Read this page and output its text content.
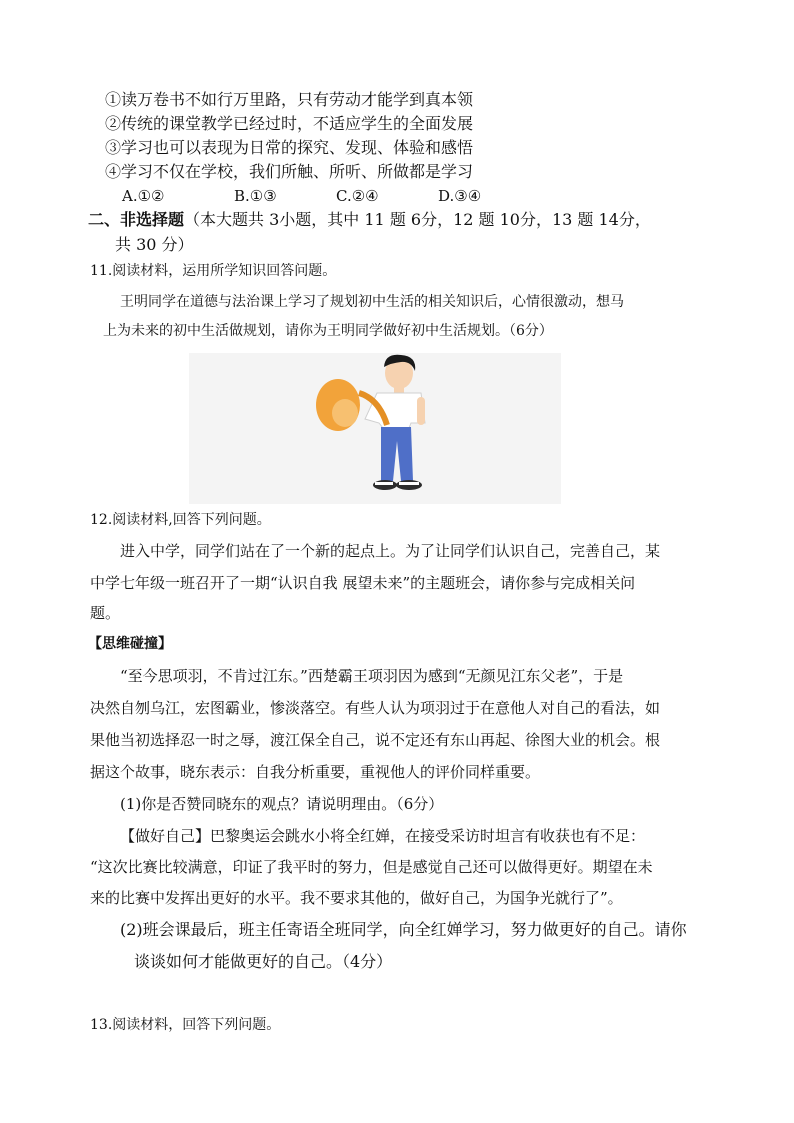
①读万卷书不如行万里路，只有劳动才能学到真本领
②传统的课堂教学已经过时，不适应学生的全面发展
③学习也可以表现为日常的探究、发现、体验和感悟
④学习不仅在学校，我们所触、所听、所做都是学习
A.①②	B.①③	C.②④	D.③④
二、非选择题（本大题共 3小题，其中 11 题 6分，12 题 10分，13 题 14分，
共 30 分）
11.阅读材料，运用所学知识回答问题。
王明同学在道德与法治课上学习了规划初中生活的相关知识后，心情很激动，想马
上为未来的初中生活做规划，请你为王明同学做好初中生活规划。（6分）
12.阅读材料,回答下列问题。
进入中学，同学们站在了一个新的起点上。为了让同学们认识自己，完善自己，某
中学七年级一班召开了一期“认识自我 展望未来”的主题班会，请你参与完成相关问
题。
【思维碰撞】
“至今思项羽，不肯过江东。”西楚霸王项羽因为感到“无颜见江东父老”，于是
决然自刎乌江，宏图霸业，惨淡落空。有些人认为项羽过于在意他人对自己的看法，如
果他当初选择忍一时之辱，渡江保全自己，说不定还有东山再起、徐图大业的机会。根
据这个故事，晓东表示：自我分析重要，重视他人的评价同样重要。
(1)你是否赞同晓东的观点？请说明理由。（6分）
【做好自己】巴黎奥运会跳水小将全红婵，在接受采访时坦言有收获也有不足：
“这次比赛比较满意，印证了我平时的努力，但是感觉自己还可以做得更好。期望在未
来的比赛中发挥出更好的水平。我不要求其他的，做好自己，为国争光就行了”。
(2)班会课最后，班主任寄语全班同学，向全红婵学习，努力做更好的自己。请你
谈谈如何才能做更好的自己。（4分）
13.阅读材料，回答下列问题。
